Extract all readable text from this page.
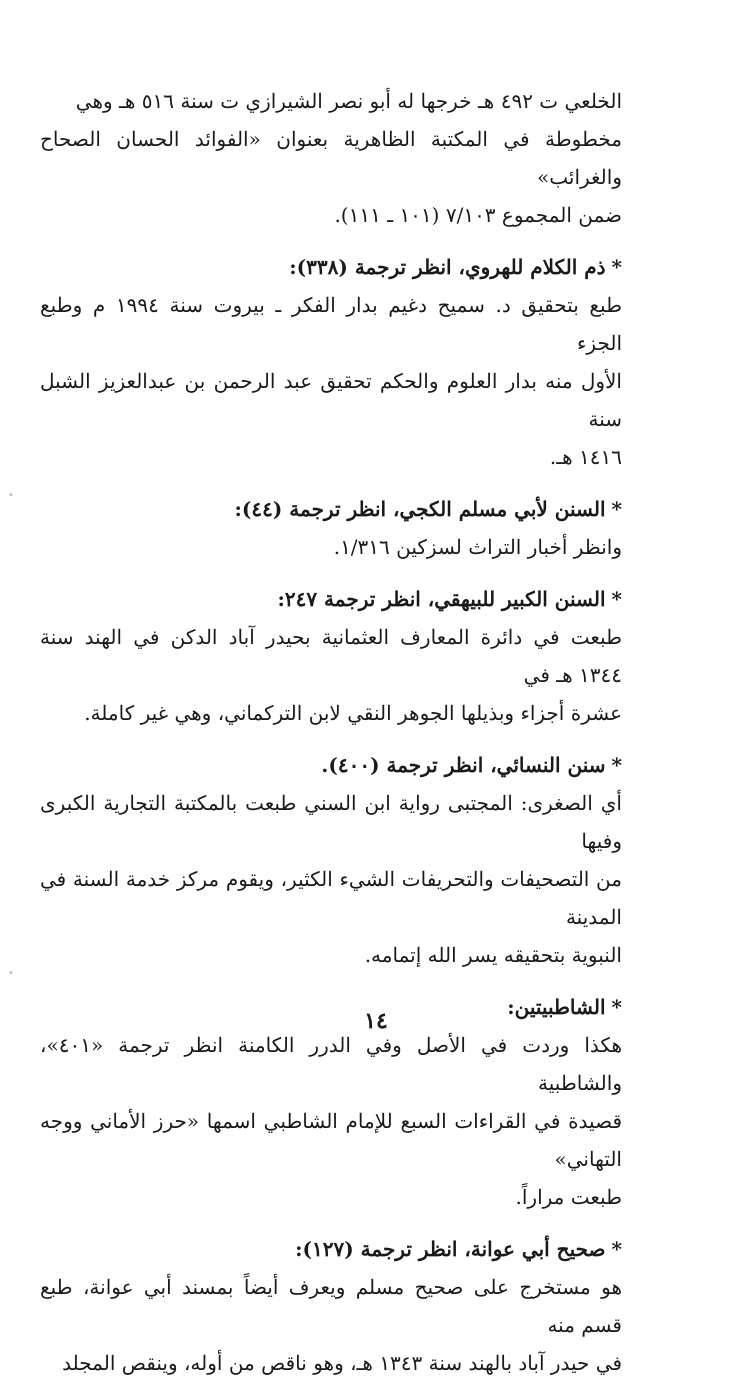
الخلعي ت ٤٩٢ هـ خرجها له أبو نصر الشيرازي ت سنة ٥١٦ هـ وهي

مخطوطة في المكتبة الظاهرية بعنوان «الفوائد الحسان الصحاح والغرائب»

ضمن المجموع ٧/١٠٣ (١٠١ ـ ١١١).

*ذم الكلام للهروي، انظر ترجمة (٣٣٨):

طبع بتحقيق د. سميح دغيم بدار الفكر ـ بيروت سنة ١٩٩٤ م وطبع الجزء

الأول منه بدار العلوم والحكم تحقيق عبد الرحمن بن عبدالعزيز الشبل سنة

١٤١٦ هـ.

*السنن لأبي مسلم الكجي، انظر ترجمة (٤٤):

وانظر أخبار التراث لسزكين ١/٣١٦.

*السنن الكبير للبيهقي، انظر ترجمة ٢٤٧:

طبعت في دائرة المعارف العثمانية بحيدر آباد الدكن في الهند سنة ١٣٤٤ هـ في

عشرة أجزاء وبذيلها الجوهر النقي لابن التركماني، وهي غير كاملة.

*سنن النسائي، انظر ترجمة (٤٠٠).

أي الصغرى: المجتبى رواية ابن السني طبعت بالمكتبة التجارية الكبرى وفيها

من التصحيفات والتحريفات الشيء الكثير، ويقوم مركز خدمة السنة في المدينة

النبوية بتحقيقه يسر الله إتمامه.

*الشاطبيتين:

هكذا وردت في الأصل وفي الدرر الكامنة انظر ترجمة «٤٠١»، والشاطبية

قصيدة في القراءات السبع للإمام الشاطبي اسمها «حرز الأماني ووجه التهاني»

طبعت مراراً.

*صحيح أبي عوانة، انظر ترجمة (١٢٧):

هو مستخرج على صحيح مسلم ويعرف أيضاً بمسند أبي عوانة، طبع قسم منه

في حيدر آباد بالهند سنة ١٣٤٣ هـ، وهو ناقص من أوله، وينقص المجلد

١٤
•
•
